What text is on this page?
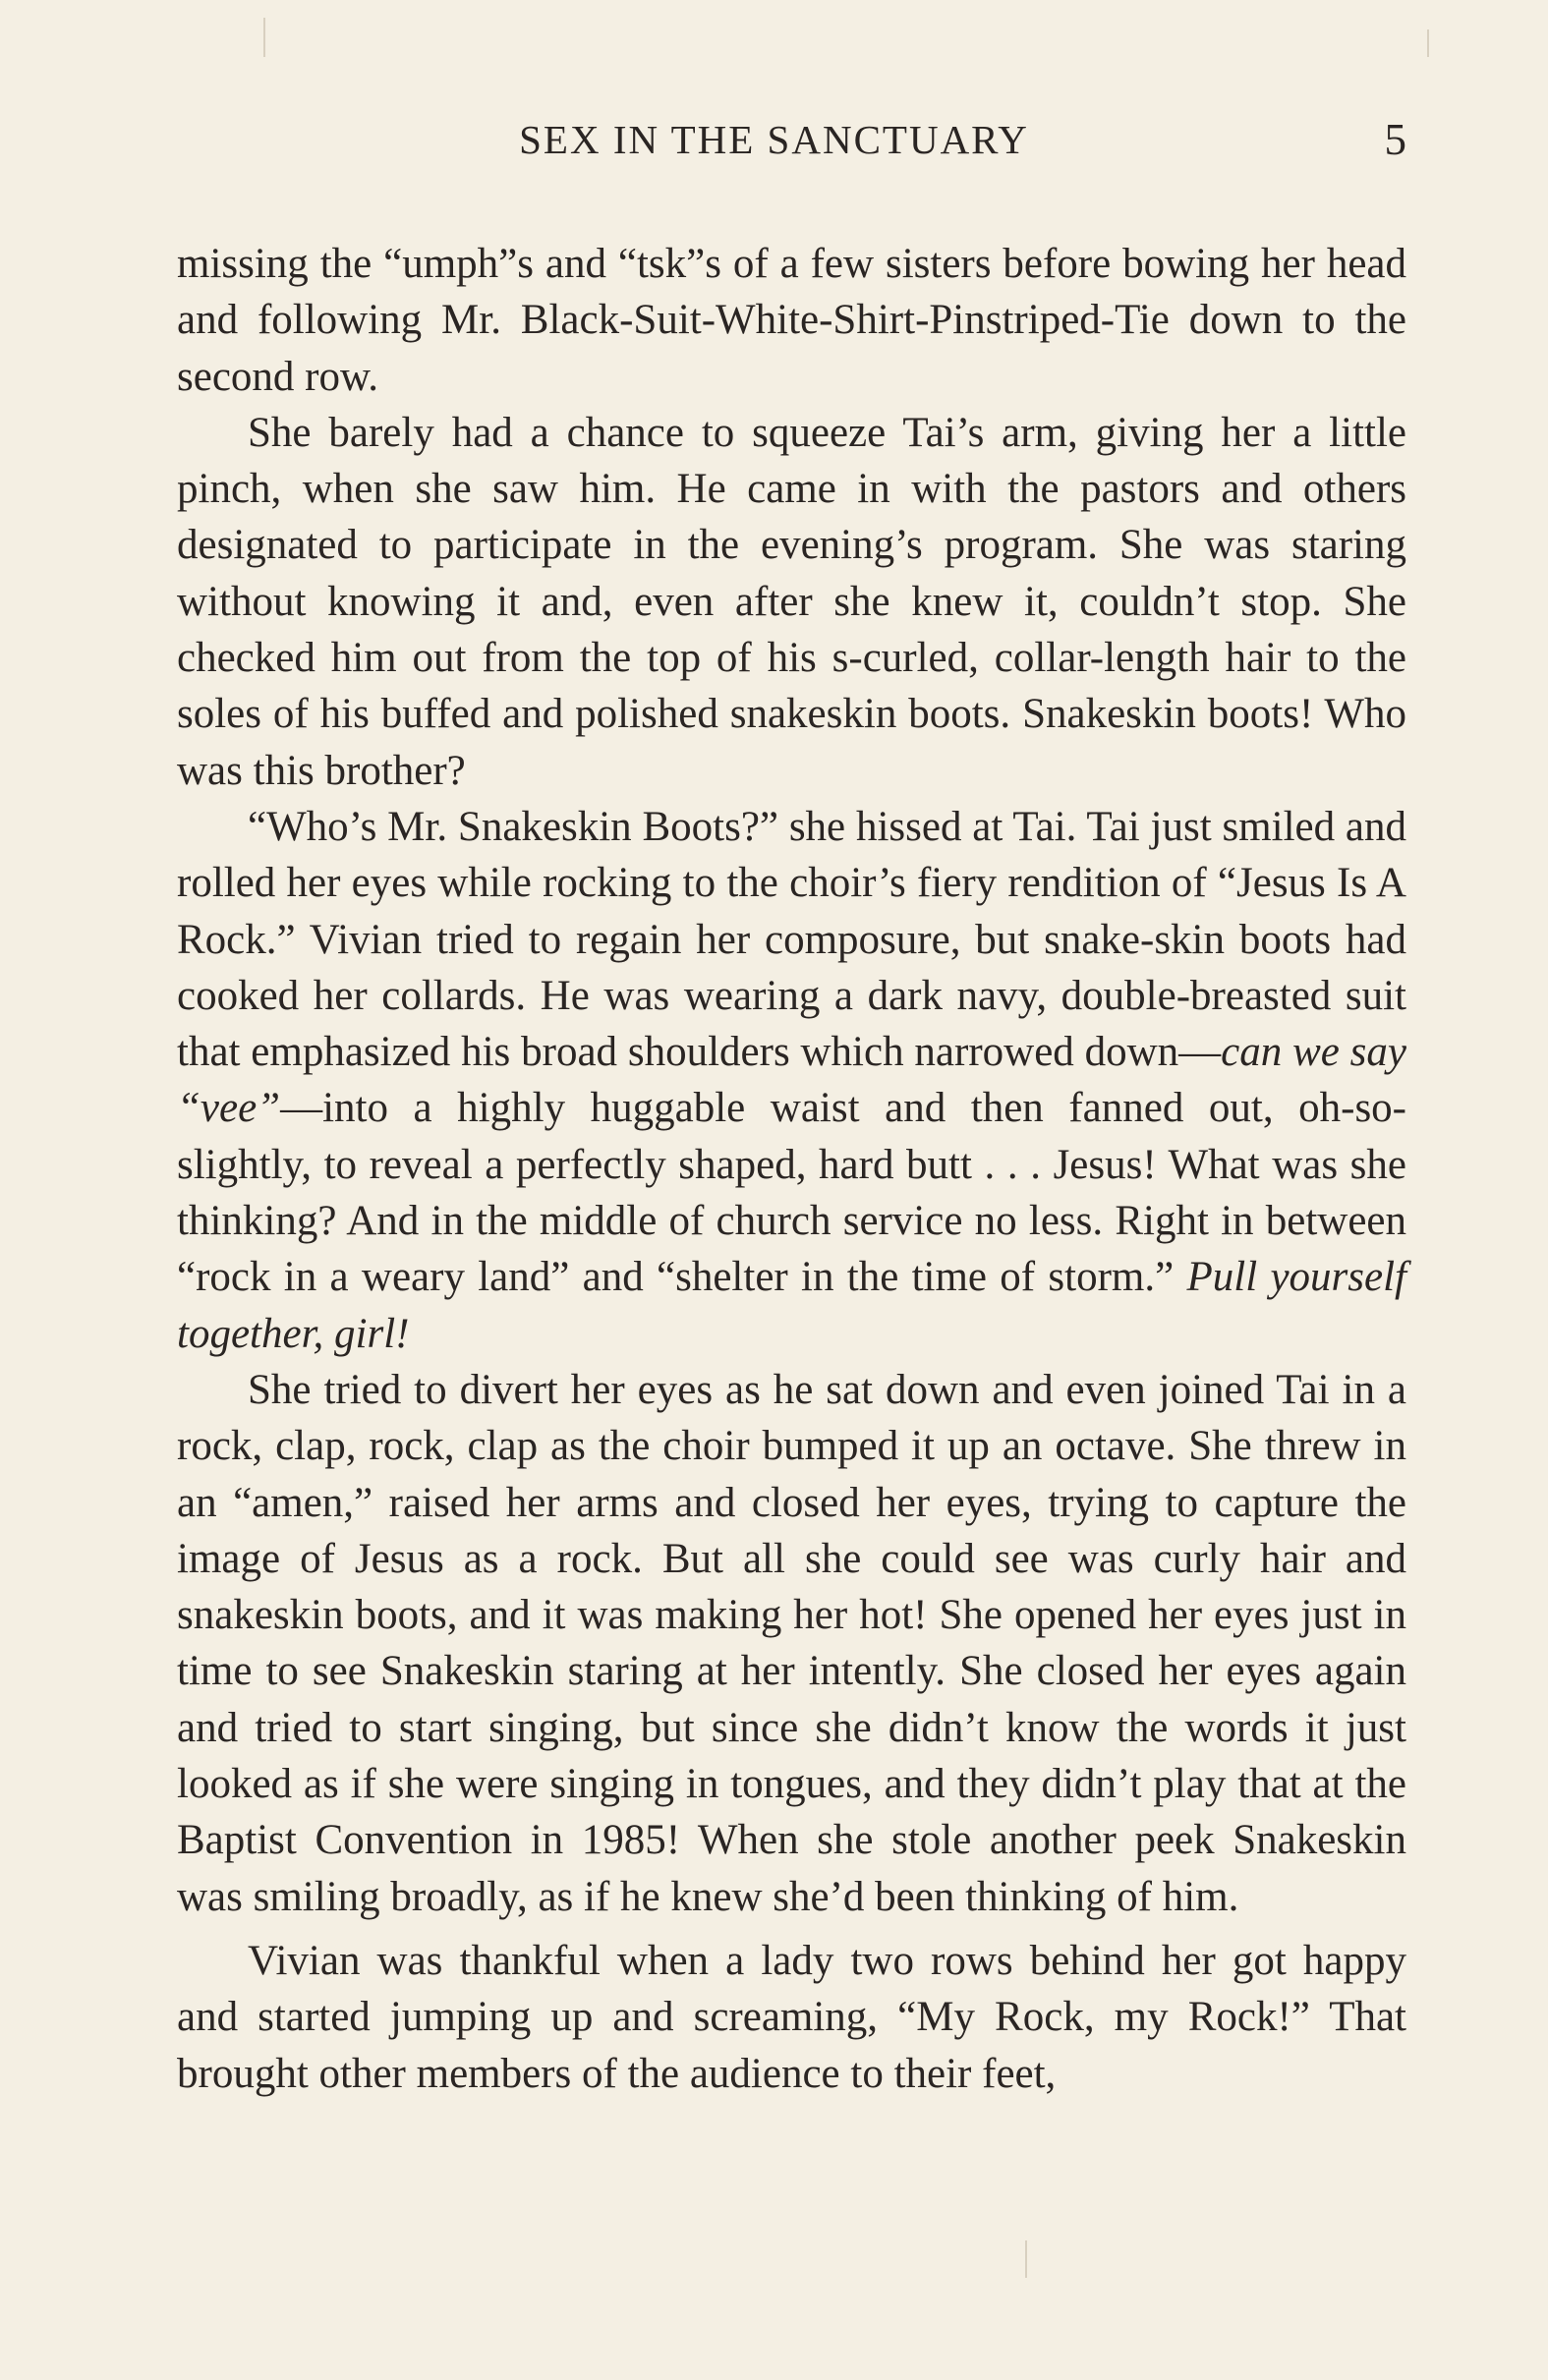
SEX IN THE SANCTUARY	5

missing the “umph”s and “tsk”s of a few sisters before bowing her head and following Mr. Black-Suit-White-Shirt-Pinstriped-Tie down to the second row.

She barely had a chance to squeeze Tai’s arm, giving her a little pinch, when she saw him. He came in with the pastors and others designated to participate in the evening’s program. She was staring without knowing it and, even after she knew it, couldn’t stop. She checked him out from the top of his s-curled, collar-length hair to the soles of his buffed and polished snakeskin boots. Snakeskin boots! Who was this brother?

“Who’s Mr. Snakeskin Boots?” she hissed at Tai. Tai just smiled and rolled her eyes while rocking to the choir’s fiery rendition of “Jesus Is A Rock.” Vivian tried to regain her composure, but snake-skin boots had cooked her collards. He was wearing a dark navy, double-breasted suit that emphasized his broad shoulders which narrowed down—can we say “vee”—into a highly huggable waist and then fanned out, oh-so-slightly, to reveal a perfectly shaped, hard butt . . . Jesus! What was she thinking? And in the middle of church service no less. Right in between “rock in a weary land” and “shelter in the time of storm.” Pull yourself together, girl!

She tried to divert her eyes as he sat down and even joined Tai in a rock, clap, rock, clap as the choir bumped it up an octave. She threw in an “amen,” raised her arms and closed her eyes, trying to capture the image of Jesus as a rock. But all she could see was curly hair and snakeskin boots, and it was making her hot! She opened her eyes just in time to see Snakeskin staring at her intently. She closed her eyes again and tried to start singing, but since she didn’t know the words it just looked as if she were singing in tongues, and they didn’t play that at the Baptist Convention in 1985! When she stole another peek Snakeskin was smiling broadly, as if he knew she’d been thinking of him.

Vivian was thankful when a lady two rows behind her got happy and started jumping up and screaming, “My Rock, my Rock!” That brought other members of the audience to their feet,
